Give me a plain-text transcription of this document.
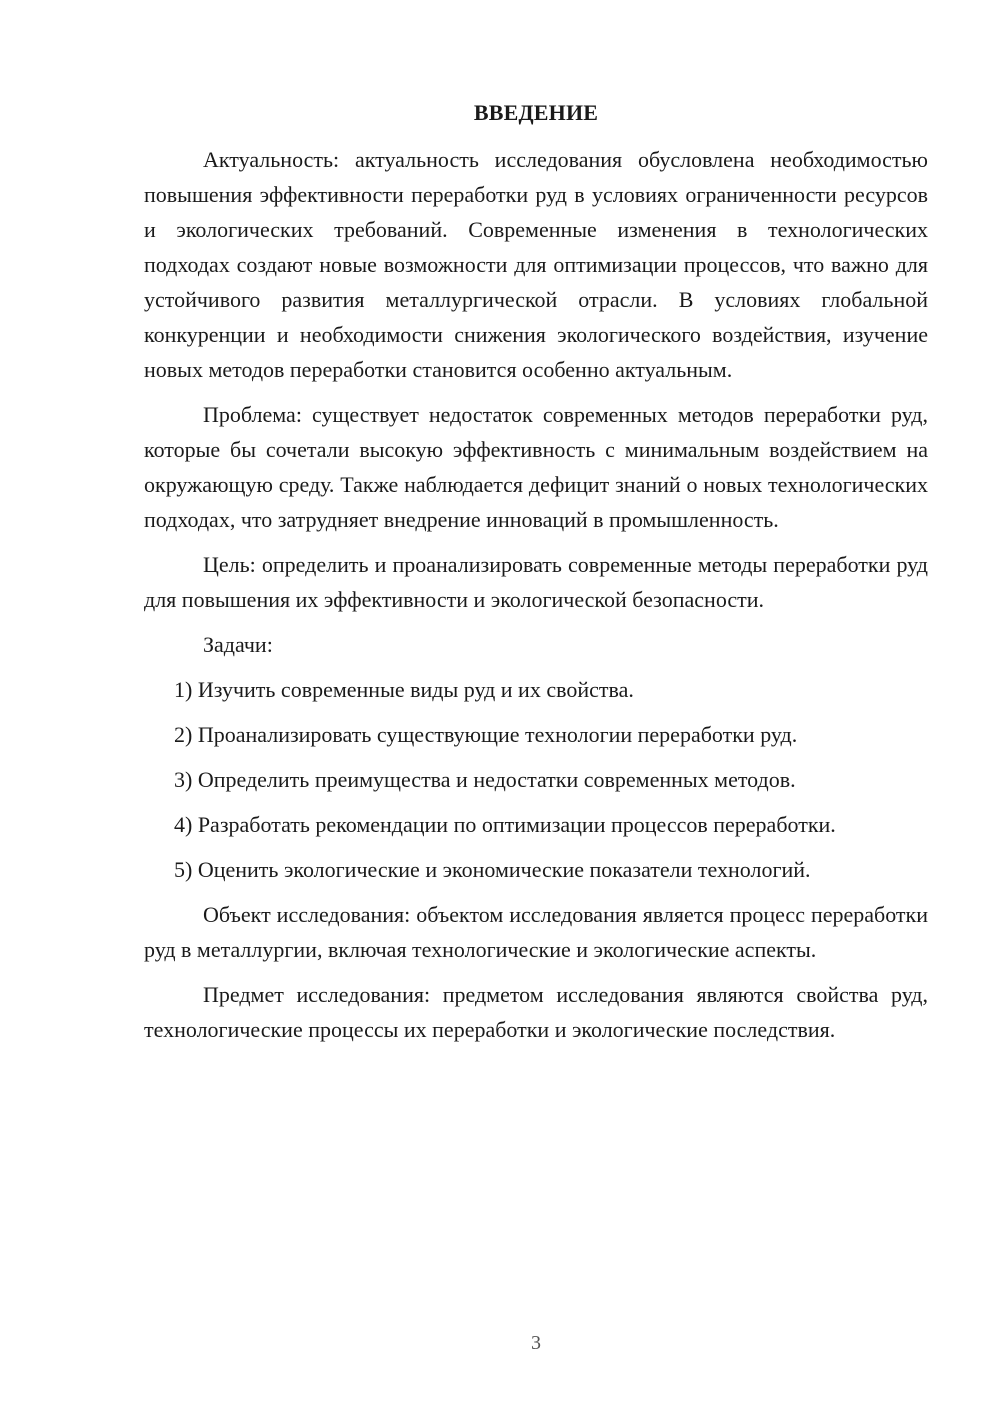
ВВЕДЕНИЕ

Актуальность: актуальность исследования обусловлена необходимостью повышения эффективности переработки руд в условиях ограниченности ресурсов и экологических требований. Современные изменения в технологических подходах создают новые возможности для оптимизации процессов, что важно для устойчивого развития металлургической отрасли. В условиях глобальной конкуренции и необходимости снижения экологического воздействия, изучение новых методов переработки становится особенно актуальным.

Проблема: существует недостаток современных методов переработки руд, которые бы сочетали высокую эффективность с минимальным воздействием на окружающую среду. Также наблюдается дефицит знаний о новых технологических подходах, что затрудняет внедрение инноваций в промышленность.

Цель: определить и проанализировать современные методы переработки руд для повышения их эффективности и экологической безопасности.

Задачи:

1) Изучить современные виды руд и их свойства.

2) Проанализировать существующие технологии переработки руд.

3) Определить преимущества и недостатки современных методов.

4) Разработать рекомендации по оптимизации процессов переработки.

5) Оценить экологические и экономические показатели технологий.

Объект исследования: объектом исследования является процесс переработки руд в металлургии, включая технологические и экологические аспекты.

Предмет исследования: предметом исследования являются свойства руд, технологические процессы их переработки и экологические последствия.

3
